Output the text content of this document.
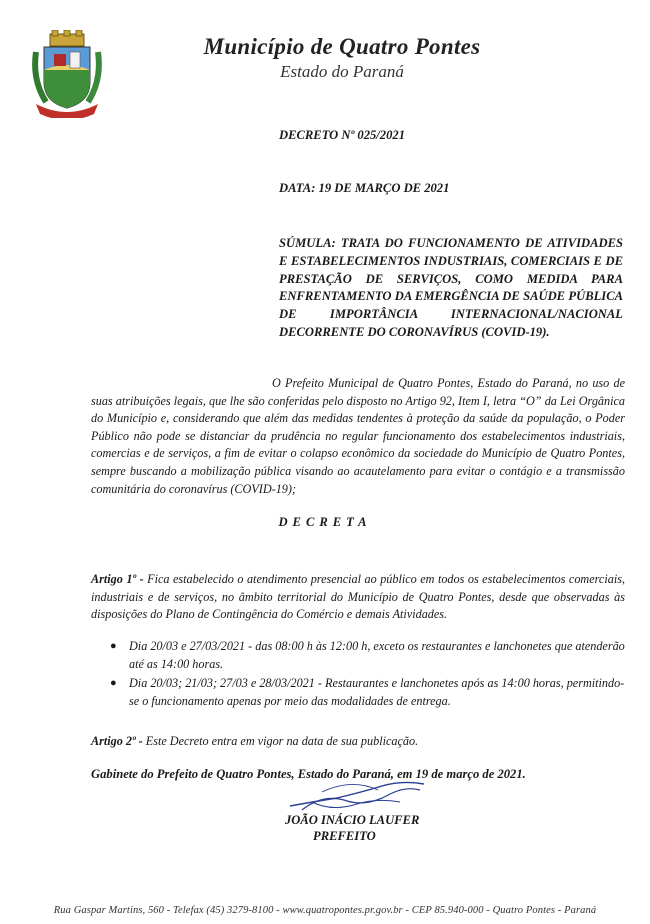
Município de Quatro Pontes
Estado do Paraná
DECRETO Nº 025/2021
DATA: 19 DE MARÇO DE 2021
SÚMULA: TRATA DO FUNCIONAMENTO DE ATIVIDADES E ESTABELECIMENTOS INDUSTRIAIS, COMERCIAIS E DE PRESTAÇÃO DE SERVIÇOS, COMO MEDIDA PARA ENFRENTAMENTO DA EMERGÊNCIA DE SAÚDE PÚBLICA DE IMPORTÂNCIA INTERNACIONAL/NACIONAL DECORRENTE DO CORONAVÍRUS (COVID-19).
O Prefeito Municipal de Quatro Pontes, Estado do Paraná, no uso de suas atribuições legais, que lhe são conferidas pelo disposto no Artigo 92, Item I, letra “O” da Lei Orgânica do Município e, considerando que além das medidas tendentes à proteção da saúde da população, o Poder Público não pode se distanciar da prudência no regular funcionamento dos estabelecimentos industriais, comercias e de serviços, a fim de evitar o colapso econômico da sociedade do Município de Quatro Pontes, sempre buscando a mobilização pública visando ao acautelamento para evitar o contágio e a transmissão comunitária do coronavírus (COVID-19);
DECRETA
Artigo 1º - Fica estabelecido o atendimento presencial ao público em todos os estabelecimentos comerciais, industriais e de serviços, no âmbito territorial do Município de Quatro Pontes, desde que observadas às disposições do Plano de Contingência do Comércio e demais Atividades.
● Dia 20/03 e 27/03/2021 - das 08:00 h às 12:00 h, exceto os restaurantes e lanchonetes que atenderão até as 14:00 horas.
● Dia 20/03; 21/03; 27/03 e 28/03/2021 - Restaurantes e lanchonetes após as 14:00 horas, permitindo-se o funcionamento apenas por meio das modalidades de entrega.
Artigo 2º - Este Decreto entra em vigor na data de sua publicação.
Gabinete do Prefeito de Quatro Pontes, Estado do Paraná, em 19 de março de 2021.
JOÃO INÁCIO LAUFER
PREFEITO
Rua Gaspar Martins, 560 - Telefax (45) 3279-8100 - www.quatropontes.pr.gov.br - CEP 85.940-000 - Quatro Pontes - Paraná
